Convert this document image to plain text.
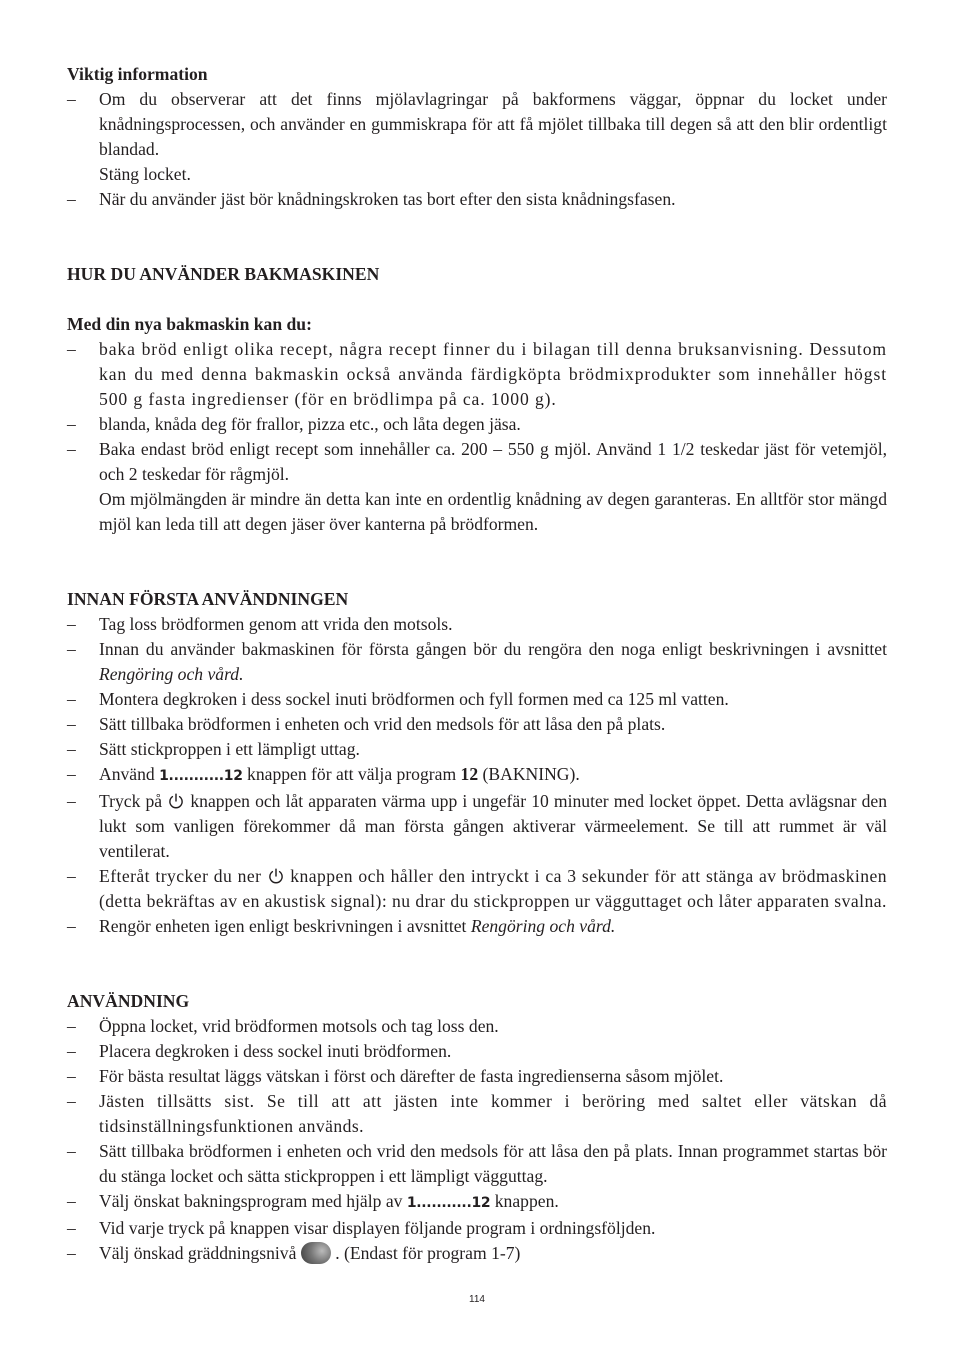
Viktig information

– Om du observerar att det finns mjölavlagringar på bakformens väggar, öppnar du locket under knådningsprocessen, och använder en gummiskrapa för att få mjölet tillbaka till degen så att den blir ordentligt blandad.
Stäng locket.
– När du använder jäst bör knådningskroken tas bort efter den sista knådningsfasen.

HUR DU ANVÄNDER BAKMASKINEN

Med din nya bakmaskin kan du:

– baka bröd enligt olika recept, några recept finner du i bilagan till denna bruksanvisning. Dessutom kan du med denna bakmaskin också använda färdigköpta brödmixprodukter som innehåller högst 500 g fasta ingredienser (för en brödlimpa på ca. 1000 g).
– blanda, knåda deg för frallor, pizza etc., och låta degen jäsa.
– Baka endast bröd enligt recept som innehåller ca. 200 – 550 g mjöl. Använd 1 1/2 teskedar jäst för vetemjöl, och 2 teskedar för rågmjöl.
Om mjölmängden är mindre än detta kan inte en ordentlig knådning av degen garanteras. En alltför stor mängd mjöl kan leda till att degen jäser över kanterna på brödformen.

INNAN FÖRSTA ANVÄNDNINGEN

– Tag loss brödformen genom att vrida den motsols.
– Innan du använder bakmaskinen för första gången bör du rengöra den noga enligt beskrivningen i avsnittet Rengöring och vård.
– Montera degkroken i dess sockel inuti brödformen och fyll formen med ca 125 ml vatten.
– Sätt tillbaka brödformen i enheten och vrid den medsols för att låsa den på plats.
– Sätt stickproppen i ett lämpligt uttag.
– Använd 1...........12 knappen för att välja program 12 (BAKNING).
– Tryck på  knappen och låt apparaten värma upp i ungefär 10 minuter med locket öppet. Detta avlägsnar den lukt som vanligen förekommer då man första gången aktiverar värmeelement. Se till att rummet är väl ventilerat.
– Efteråt trycker du ner  knappen och håller den intryckt i ca 3 sekunder för att stänga av brödmaskinen (detta bekräftas av en akustisk signal): nu drar du stickproppen ur vägguttaget och låter apparaten svalna.
– Rengör enheten igen enligt beskrivningen i avsnittet Rengöring och vård.

ANVÄNDNING

– Öppna locket, vrid brödformen motsols och tag loss den.
– Placera degkroken i dess sockel inuti brödformen.
– För bästa resultat läggs vätskan i först och därefter de fasta ingredienserna såsom mjölet.
– Jästen tillsätts sist. Se till att att jästen inte kommer i beröring med saltet eller vätskan då tidsinställningsfunktionen används.
– Sätt tillbaka brödformen i enheten och vrid den medsols för att låsa den på plats. Innan programmet startas bör du stänga locket och sätta stickproppen i ett lämpligt vägguttag.
– Välj önskat bakningsprogram med hjälp av 1...........12 knappen.
– Vid varje tryck på knappen visar displayen följande program i ordningsföljden.
– Välj önskad gräddningsnivå  . (Endast för program 1-7)
114
